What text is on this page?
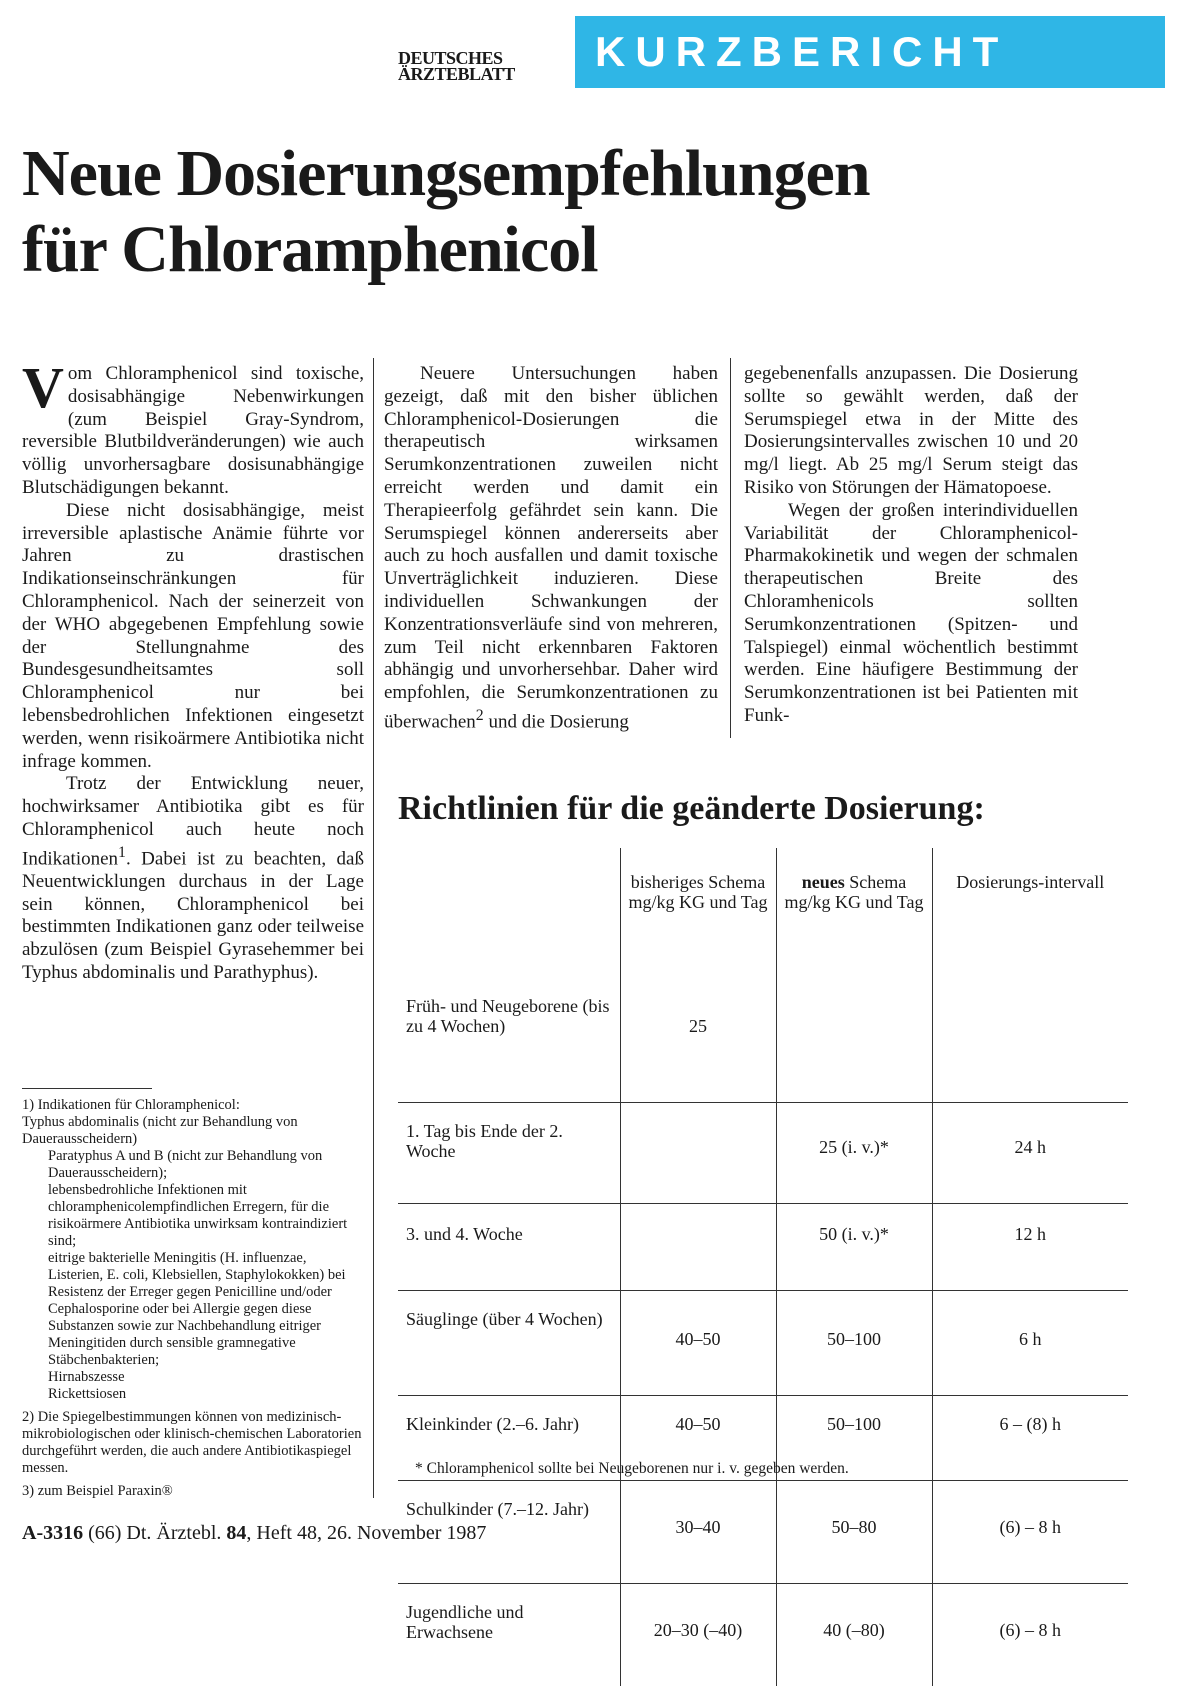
DEUTSCHES
ÄRZTEBLATT	KURZBERICHT
Neue Dosierungsempfehlungen
für Chloramphenicol

Vom Chloramphenicol sind toxische, dosisabhängige Nebenwirkungen (zum Beispiel Gray-Syndrom, reversible Blutbildveränderungen) wie auch völlig unvorhersagbare dosisunabhängige Blutschädigungen bekannt.

Diese nicht dosisabhängige, meist irreversible aplastische Anämie führte vor Jahren zu drastischen Indikationseinschränkungen für Chloramphenicol. Nach der seinerzeit von der WHO abgegebenen Empfehlung sowie der Stellungnahme des Bundesgesundheitsamtes soll Chloramphenicol nur bei lebensbedrohlichen Infektionen eingesetzt werden, wenn risikoärmere Antibiotika nicht infrage kommen.

Trotz der Entwicklung neuer, hochwirksamer Antibiotika gibt es für Chloramphenicol auch heute noch Indikationen$^1$. Dabei ist zu beachten, daß Neuentwicklungen durchaus in der Lage sein können, Chloramphenicol bei bestimmten Indikationen ganz oder teilweise abzulösen (zum Beispiel Gyrasehemmer bei Typhus abdominalis und Parathyphus).

Neuere Untersuchungen haben gezeigt, daß mit den bisher üblichen Chloramphenicol-Dosierungen die therapeutisch wirksamen Serumkonzentrationen zuweilen nicht erreicht werden und damit ein Therapieerfolg gefährdet sein kann. Die Serumspiegel können andererseits aber auch zu hoch ausfallen und damit toxische Unverträglichkeit induzieren. Diese individuellen Schwankungen der Konzentrationsverläufe sind von mehreren, zum Teil nicht erkennbaren Faktoren abhängig und unvorhersehbar. Daher wird empfohlen, die Serumkonzentrationen zu überwachen$^2$ und die Dosierung

gegebenenfalls anzupassen. Die Dosierung sollte so gewählt werden, daß der Serumspiegel etwa in der Mitte des Dosierungsintervalles zwischen 10 und 20 mg/l liegt. Ab 25 mg/l Serum steigt das Risiko von Störungen der Hämatopoese.

Wegen der großen interindividuellen Variabilität der Chloramphenicol-Pharmakokinetik und wegen der schmalen therapeutischen Breite des Chloramhenicols sollten Serumkonzentrationen (Spitzen- und Talspiegel) einmal wöchentlich bestimmt werden. Eine häufigere Bestimmung der Serumkonzentrationen ist bei Patienten mit Funk-

1) Indikationen für Chloramphenicol:

Typhus abdominalis (nicht zur Behandlung von Dauerausscheidern)

Paratyphus A und B (nicht zur Behandlung von Dauerausscheidern);

lebensbedrohliche Infektionen mit chloramphenicolempfindlichen Erregern, für die risikoärmere Antibiotika unwirksam kontraindiziert sind;

eitrige bakterielle Meningitis (H. influenzae, Listerien, E. coli, Klebsiellen, Staphylokokken) bei Resistenz der Erreger gegen Penicilline und/oder Cephalosporine oder bei Allergie gegen diese Substanzen sowie zur Nachbehandlung eitriger Meningitiden durch sensible gramnegative Stäbchenbakterien;

Hirnabszesse

Rickettsiosen

2) Die Spiegelbestimmungen können von medizinisch-mikrobiologischen oder klinisch-chemischen Laboratorien durchgeführt werden, die auch andere Antibiotikaspiegel messen.

3) zum Beispiel Paraxin®

Richtlinien für die geänderte Dosierung:
	bisheriges Schema mg/kg KG und Tag	neues Schema mg/kg KG und Tag	Dosierungs-intervall
Früh- und Neugeborene (bis zu 4 Wochen)	25		
1. Tag bis Ende der 2. Woche		25 (i. v.)*	24 h
3. und 4. Woche		50 (i. v.)*	12 h
Säuglinge (über 4 Wochen)	40–50	50–100	6 h
Kleinkinder (2.–6. Jahr)	40–50	50–100	6 – (8) h
Schulkinder (7.–12. Jahr)	30–40	50–80	(6) – 8 h
Jugendliche und Erwachsene	20–30 (–40)	40 (–80)	(6) – 8 h
* Chloramphenicol sollte bei Neugeborenen nur i. v. gegeben werden.
A-3316 (66) Dt. Ärztebl. 84, Heft 48, 26. November 1987
